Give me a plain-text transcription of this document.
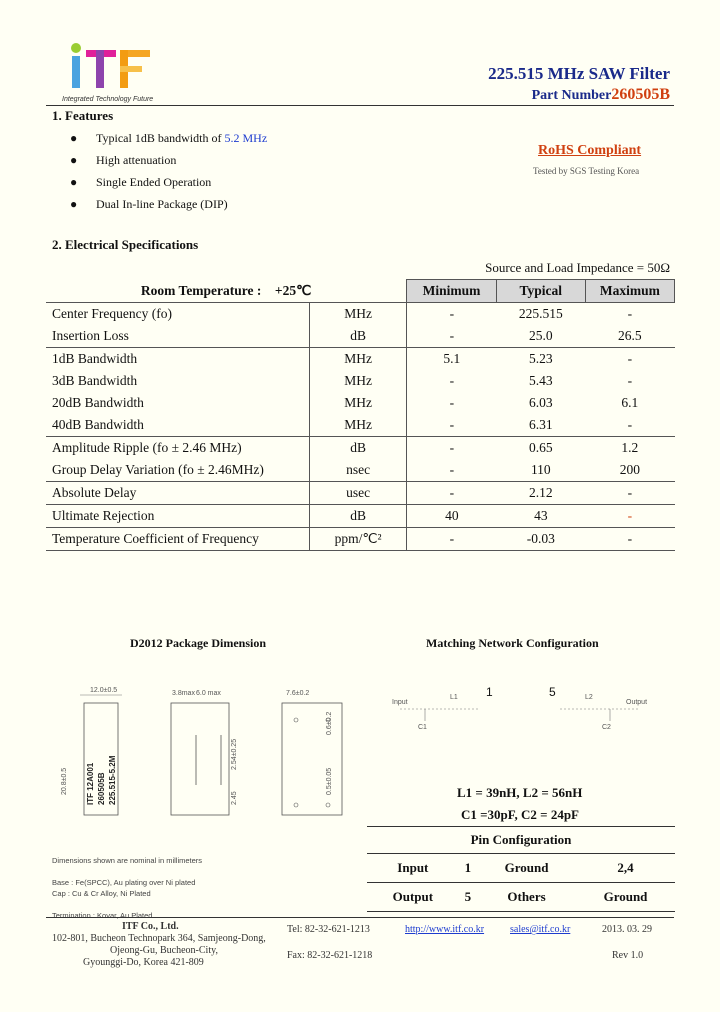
Integrated Technology Future
225.515 MHz SAW Filter
Part Number260505B
1. Features
● Typical 1dB bandwidth of 5.2 MHz
● High attenuation
● Single Ended Operation
● Dual In-line Package (DIP)
RoHS Compliant
Tested by SGS Testing Korea
2. Electrical Specifications
Source and Load Impedance = 50Ω
Room Temperature : +25℃		Minimum	Typical	Maximum
Center Frequency (fo)	MHz	-	225.515	-
Insertion Loss	dB	-	25.0	26.5
1dB Bandwidth	MHz	5.1	5.23	-
3dB Bandwidth	MHz	-	5.43	-
20dB Bandwidth	MHz	-	6.03	6.1
40dB Bandwidth	MHz	-	6.31	-
Amplitude Ripple (fo ± 2.46 MHz)	dB	-	0.65	1.2
Group Delay Variation (fo ± 2.46MHz)	nsec	-	110	200
Absolute Delay	usec	-	2.12	-
Ultimate Rejection	dB	40	43	-
Temperature Coefficient of Frequency	ppm/℃²	-	-0.03	-
D2012 Package Dimension
12.0±0.5
20.8±0.5 ITF 12A001 260505B 225.515-5.2M
3.8max 6.0 max
2.54±0.25
2.45
7.6±0.2
0.6±0.2
0.5±0.05
Dimensions shown are nominal in millimeters

Base : Fe(SPCC), Au plating over Ni plated
Cap : Cu & Cr Alloy, Ni Plated

Termination : Kovar, Au Plated
Matching Network Configuration
1	5
Input	Output
L1	L2
C1	C2
L1 = 39nH, L2 = 56nH
C1 =30pF, C2 = 24pF
Pin Configuration			
Input	1	Ground	2,4
Output	5	Others	Ground
ITF Co., Ltd.
102-801, Bucheon Technopark 364, Samjeong-Dong,
Ojeong-Gu, Bucheon-City,
Gyounggi-Do, Korea 421-809
Tel: 82-32-621-1213
Fax: 82-32-621-1218
http://www.itf.co.kr	sales@itf.co.kr	2013. 03. 29
Rev 1.0
